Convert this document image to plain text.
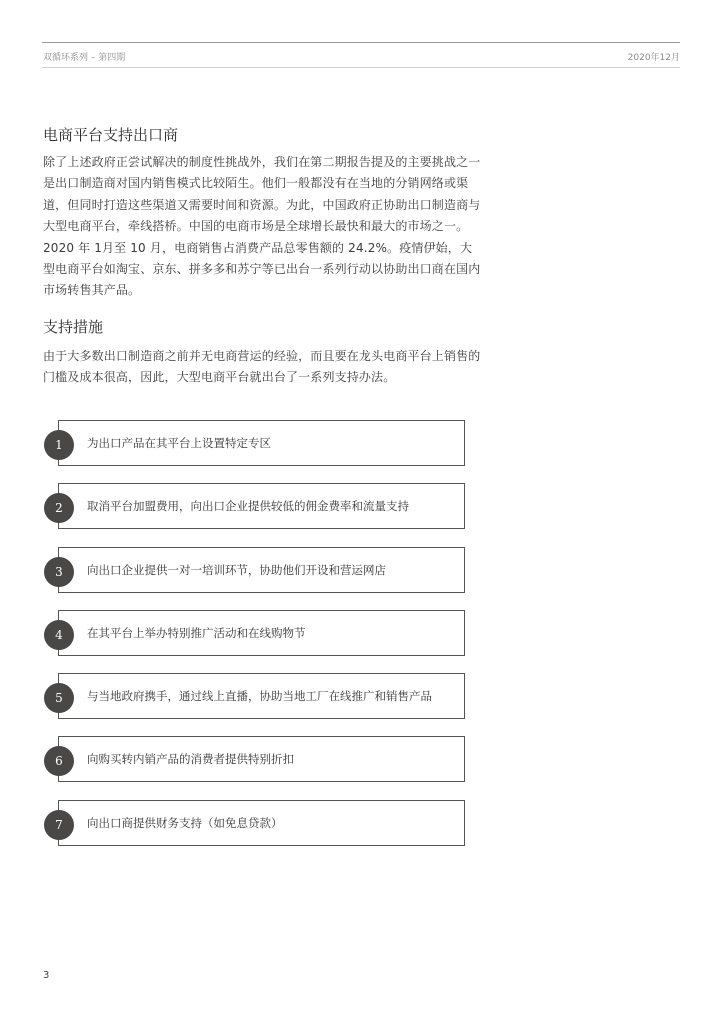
双循环系列 – 第四期	2020年12月
电商平台支持出口商
除了上述政府正尝试解决的制度性挑战外，我们在第二期报告提及的主要挑战之一是出口制造商对国内销售模式比较陌生。他们一般都没有在当地的分销网络或渠道，但同时打造这些渠道又需要时间和资源。为此，中国政府正协助出口制造商与大型电商平台，牵线搭桥。中国的电商市场是全球增长最快和最大的市场之一。2020 年 1月至 10 月，电商销售占消费产品总零售额的 24.2%。疫情伊始，大型电商平台如淘宝、京东、拼多多和苏宁等已出台一系列行动以协助出口商在国内市场转售其产品。
支持措施
由于大多数出口制造商之前并无电商营运的经验，而且要在龙头电商平台上销售的门槛及成本很高，因此，大型电商平台就出台了一系列支持办法。
1	为出口产品在其平台上设置特定专区
2	取消平台加盟费用，向出口企业提供较低的佣金费率和流量支持
3	向出口企业提供一对一培训环节，协助他们开设和营运网店
4	在其平台上举办特别推广活动和在线购物节
5	与当地政府携手，通过线上直播，协助当地工厂在线推广和销售产品
6	向购买转内销产品的消费者提供特别折扣
7	向出口商提供财务支持（如免息贷款）
3
